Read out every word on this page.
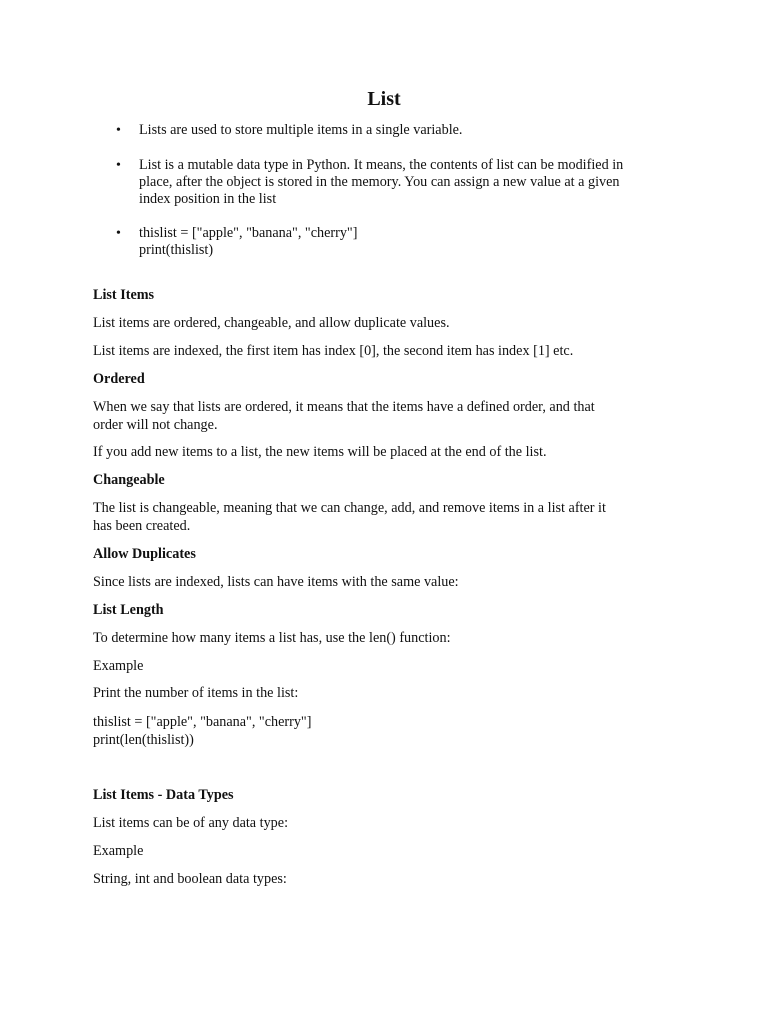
List
• Lists are used to store multiple items in a single variable.
• List is a mutable data type in Python. It means, the contents of list can be modified in
place, after the object is stored in the memory. You can assign a new value at a given
index position in the list
• thislist = ["apple", "banana", "cherry"]
print(thislist)
List Items
List items are ordered, changeable, and allow duplicate values.
List items are indexed, the first item has index [0], the second item has index [1] etc.
Ordered
When we say that lists are ordered, it means that the items have a defined order, and that
order will not change.
If you add new items to a list, the new items will be placed at the end of the list.
Changeable
The list is changeable, meaning that we can change, add, and remove items in a list after it
has been created.
Allow Duplicates
Since lists are indexed, lists can have items with the same value:
List Length
To determine how many items a list has, use the len() function:
Example
Print the number of items in the list:
thislist = ["apple", "banana", "cherry"]
print(len(thislist))
List Items - Data Types
List items can be of any data type:
Example
String, int and boolean data types:
